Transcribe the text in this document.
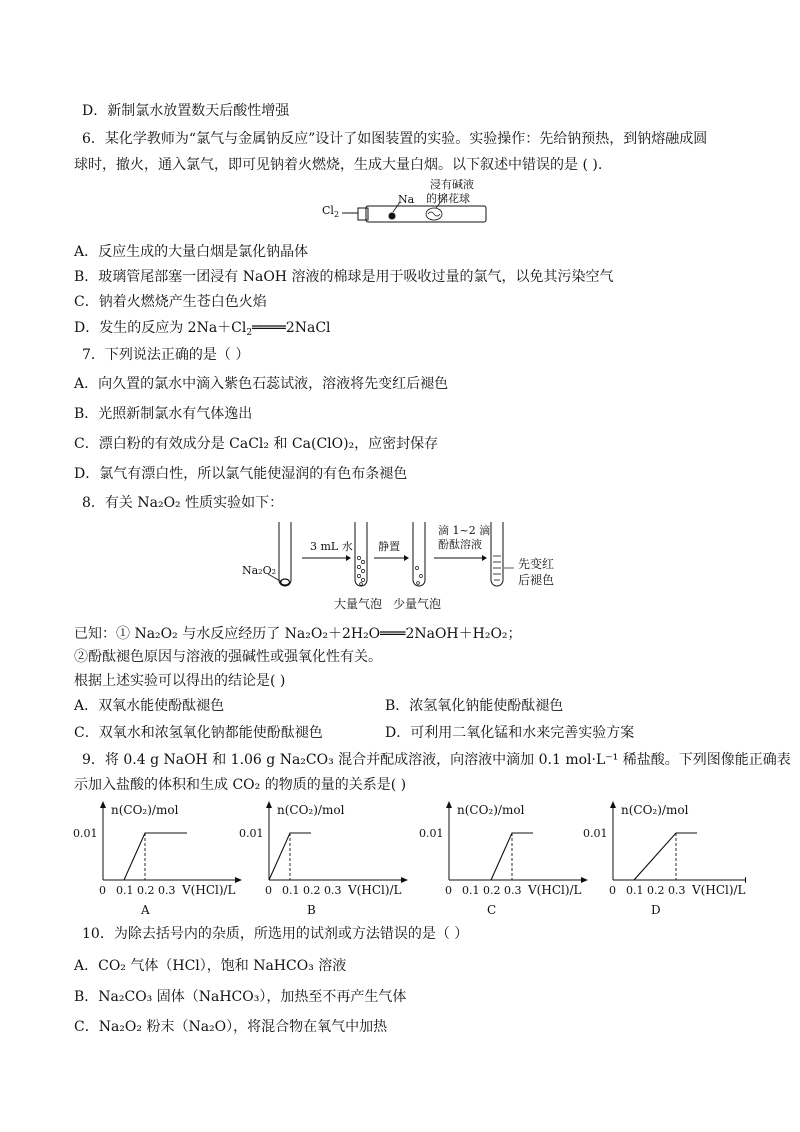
D．新制氯水放置数天后酸性增强
6．某化学教师为“氯气与金属钠反应”设计了如图装置的实验。实验操作：先给钠预热，到钠熔融成圆
球时，撤火，通入氯气，即可见钠着火燃烧，生成大量白烟。以下叙述中错误的是 ( ).
$Cl_2$
Na
浸有碱液
的棉花球
A．反应生成的大量白烟是氯化钠晶体
B．玻璃管尾部塞一团浸有 NaOH 溶液的棉球是用于吸收过量的氯气，以免其污染空气
C．钠着火燃烧产生苍白色火焰
D．发生的反应为 $2Na+Cl_2════2NaCl$
7．下列说法正确的是（ ）
A．向久置的氯水中滴入紫色石蕊试液，溶液将先变红后褪色
B．光照新制氯水有气体逸出
C．漂白粉的有效成分是 CaCl₂ 和 Ca(ClO)₂，应密封保存
D．氯气有漂白性，所以氯气能使湿润的有色布条褪色
8．有关 Na₂O₂ 性质实验如下：
Na₂O₂
3 mL 水 静置
滴 1~2 滴
酚酞溶液
先变红
后褪色
大量气泡 少量气泡
已知：① Na₂O₂ 与水反应经历了 Na₂O₂＋2H₂O═══2NaOH＋H₂O₂；
②酚酞褪色原因与溶液的强碱性或强氧化性有关。
根据上述实验可以得出的结论是( )
A．双氧水能使酚酞褪色	B．浓氢氧化钠能使酚酞褪色
C．双氧水和浓氢氧化钠都能使酚酞褪色	D．可利用二氧化锰和水来完善实验方案
9．将 0.4 g NaOH 和 1.06 g Na₂CO₃ 混合并配成溶液，向溶液中滴加 0.1 mol·L⁻¹ 稀盐酸。下列图像能正确表
示加入盐酸的体积和生成 CO₂ 的物质的量的关系是( )
n(CO₂)/mol
0.01
0 0.1 0.2 0.3 V(HCl)/L
A
n(CO₂)/mol
0.01
0 0.1 0.2 0.3 V(HCl)/L
B
n(CO₂)/mol
0.01
0 0.1 0.2 0.3 V(HCl)/L
C
n(CO₂)/mol
0.01
0 0.1 0.2 0.3 V(HCl)/L
D
10．为除去括号内的杂质，所选用的试剂或方法错误的是（ ）
A．CO₂ 气体（HCl），饱和 NaHCO₃ 溶液
B．Na₂CO₃ 固体（NaHCO₃），加热至不再产生气体
C．Na₂O₂ 粉末（Na₂O），将混合物在氧气中加热
